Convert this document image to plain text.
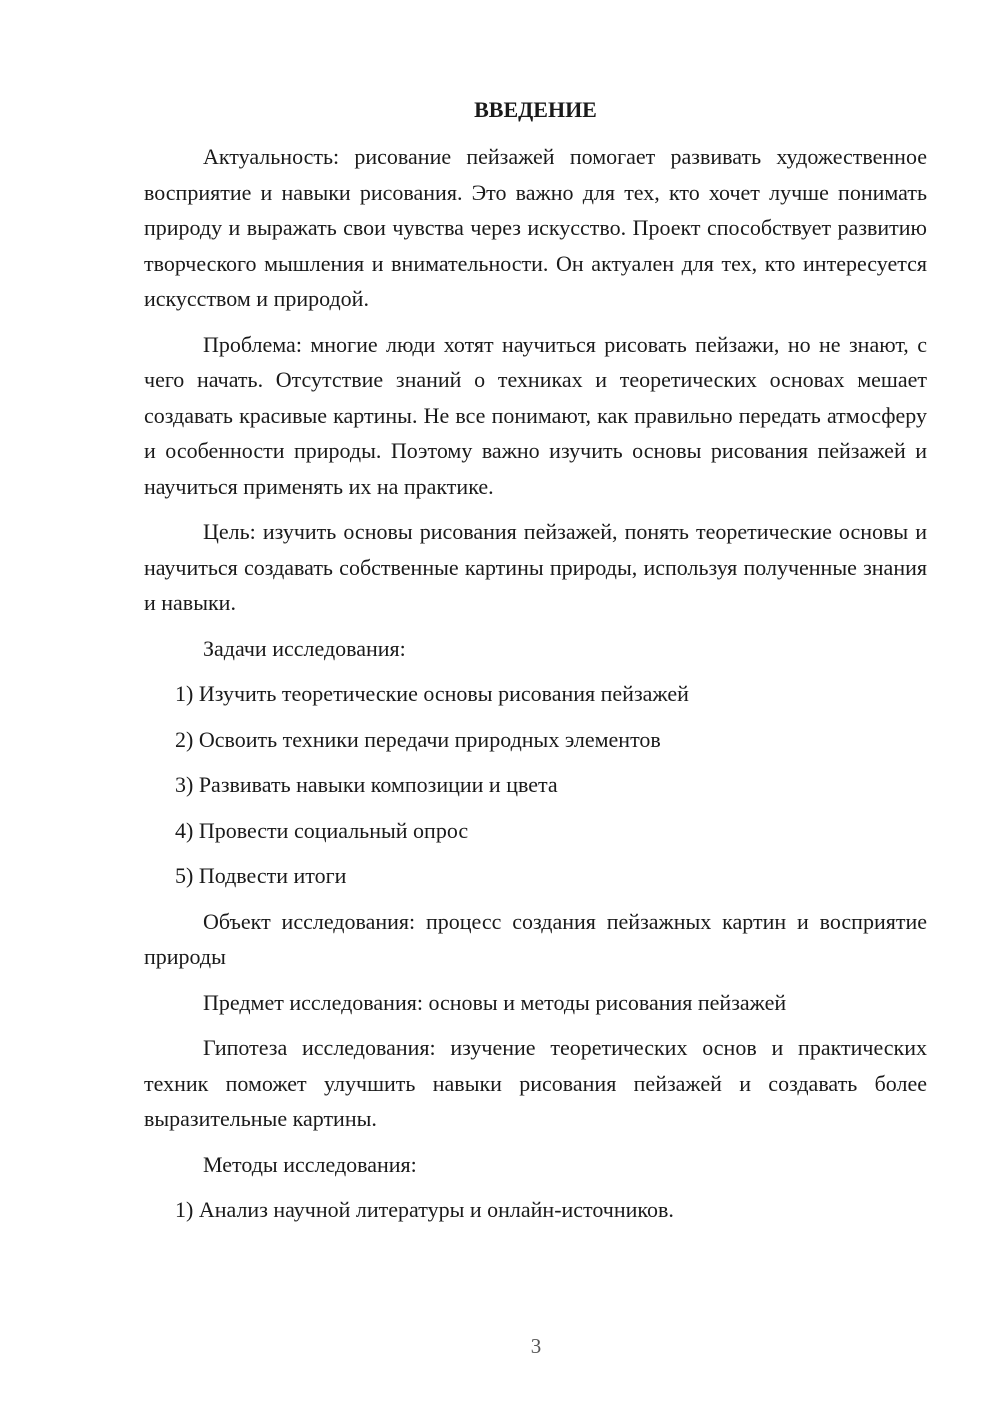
ВВЕДЕНИЕ

Актуальность: рисование пейзажей помогает развивать художественное восприятие и навыки рисования. Это важно для тех, кто хочет лучше понимать природу и выражать свои чувства через искусство. Проект способствует развитию творческого мышления и внимательности. Он актуален для тех, кто интересуется искусством и природой.

Проблема: многие люди хотят научиться рисовать пейзажи, но не знают, с чего начать. Отсутствие знаний о техниках и теоретических основах мешает создавать красивые картины. Не все понимают, как правильно передать атмосферу и особенности природы. Поэтому важно изучить основы рисования пейзажей и научиться применять их на практике.

Цель: изучить основы рисования пейзажей, понять теоретические основы и научиться создавать собственные картины природы, используя полученные знания и навыки.

Задачи исследования:

1) Изучить теоретические основы рисования пейзажей
2) Освоить техники передачи природных элементов
3) Развивать навыки композиции и цвета
4) Провести социальный опрос
5) Подвести итоги

Объект исследования: процесс создания пейзажных картин и восприятие природы

Предмет исследования: основы и методы рисования пейзажей

Гипотеза исследования: изучение теоретических основ и практических техник поможет улучшить навыки рисования пейзажей и создавать более выразительные картины.

Методы исследования:

1) Анализ научной литературы и онлайн-источников.
3
